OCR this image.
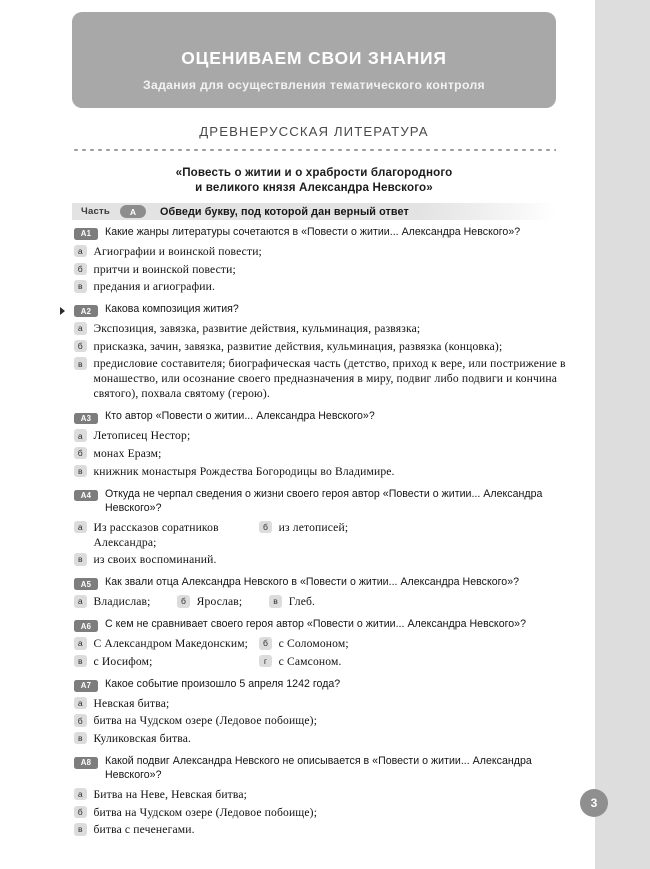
ОЦЕНИВАЕМ СВОИ ЗНАНИЯ
Задания для осуществления тематического контроля
ДРЕВНЕРУССКАЯ ЛИТЕРАТУРА
«Повесть о житии и о храбрости благородного
и великого князя Александра Невского»
Часть	А	Обведи букву, под которой дан верный ответ
А1	Какие жанры литературы сочетаются в «Повести о житии... Александра Невского»?
а Агиографии и воинской повести;
б притчи и воинской повести;
в предания и агиографии.
А2	Какова композиция жития?
а Экспозиция, завязка, развитие действия, кульминация, развязка;
б присказка, зачин, завязка, развитие действия, кульминация, развязка (концовка);
в предисловие составителя; биографическая часть (детство, приход к вере, или пострижение в монашество, или осознание своего предназначения в миру, подвиг либо подвиги и кончина святого), похвала святому (герою).
А3	Кто автор «Повести о житии... Александра Невского»?
а Летописец Нестор;
б монах Еразм;
в книжник монастыря Рождества Богородицы во Владимире.
А4	Откуда не черпал сведения о жизни своего героя автор «Повести о житии... Александра Невского»?
а Из рассказов соратников Александра;
б из летописей;
в из своих воспоминаний.
А5	Как звали отца Александра Невского в «Повести о житии... Александра Невского»?
а Владислав;	б Ярослав;	в Глеб.
А6	С кем не сравнивает своего героя автор «Повести о житии... Александра Невского»?
а С Александром Македонским;	б с Соломоном;
в с Иосифом;	г	с Самсоном.
А7	Какое событие произошло 5 апреля 1242 года?
а Невская битва;
б битва на Чудском озере (Ледовое побоище);
в Куликовская битва.
А8	Какой подвиг Александра Невского не описывается в «Повести о житии... Александра Невского»?
а Битва на Неве, Невская битва;
б битва на Чудском озере (Ледовое побоище);
в битва с печенегами.
3
